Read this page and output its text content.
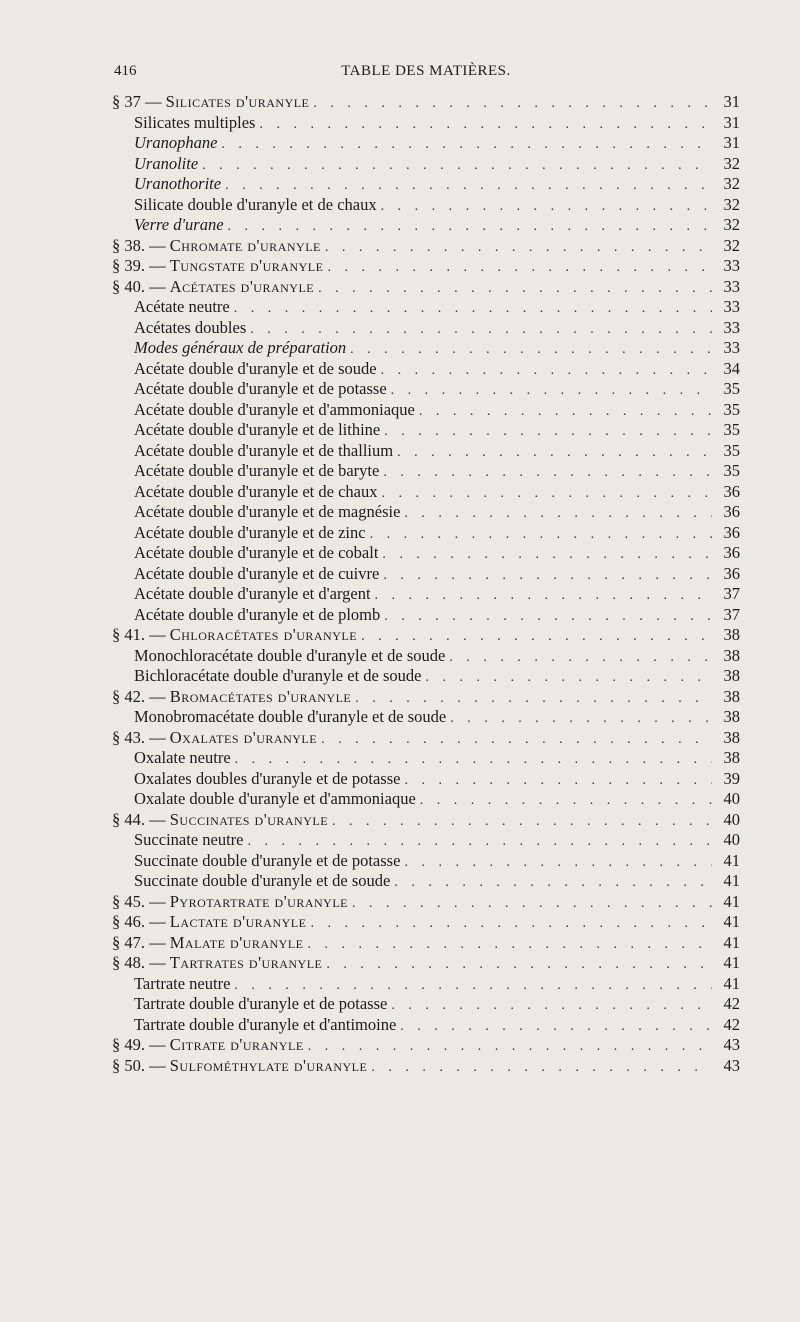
416	TABLE DES MATIÈRES.
§ 37 — Silicates d'uranyle . . .	31
Silicates multiples . . .	31
Uranophane . . .	31
Uranolite . . .	32
Uranothorite . . .	32
Silicate double d'uranyle et de chaux . . .	32
Verre d'urane . . .	32
§ 38. — Chromate d'uranyle . . .	32
§ 39. — Tungstate d'uranyle . . .	33
§ 40. — Acétates d'uranyle . . .	33
Acétate neutre . . .	33
Acétates doubles . . .	33
Modes généraux de préparation . . .	33
Acétate double d'uranyle et de soude . . .	34
Acétate double d'uranyle et de potasse . . .	35
Acétate double d'uranyle et d'ammoniaque . . .	35
Acétate double d'uranyle et de lithine . . .	35
Acétate double d'uranyle et de thallium . . .	35
Acétate double d'uranyle et de baryte . . .	35
Acétate double d'uranyle et de chaux . . .	36
Acétate double d'uranyle et de magnésie . . .	36
Acétate double d'uranyle et de zinc . . .	36
Acétate double d'uranyle et de cobalt . . .	36
Acétate double d'uranyle et de cuivre . . .	36
Acétate double d'uranyle et d'argent . . .	37
Acétate double d'uranyle et de plomb . . .	37
§ 41. — Chloracétates d'uranyle . . .	38
Monochloracétate double d'uranyle et de soude . . .	38
Bichloracétate double d'uranyle et de soude . . .	38
§ 42. — Bromacétates d'uranyle . . .	38
Monobromacétate double d'uranyle et de soude . . .	38
§ 43. — Oxalates d'uranyle . . .	38
Oxalate neutre . . .	38
Oxalates doubles d'uranyle et de potasse . . .	39
Oxalate double d'uranyle et d'ammoniaque . . .	40
§ 44. — Succinates d'uranyle . . .	40
Succinate neutre . . .	40
Succinate double d'uranyle et de potasse . . .	41
Succinate double d'uranyle et de soude . . .	41
§ 45. — Pyrotartrate d'uranyle . . .	41
§ 46. — Lactate d'uranyle . . .	41
§ 47. — Malate d'uranyle . . .	41
§ 48. — Tartrates d'uranyle . . .	41
Tartrate neutre . . .	41
Tartrate double d'uranyle et de potasse . . .	42
Tartrate double d'uranyle et d'antimoine . . .	42
§ 49. — Citrate d'uranyle . . .	43
§ 50. — Sulfométhylate d'uranyle . . .	43
